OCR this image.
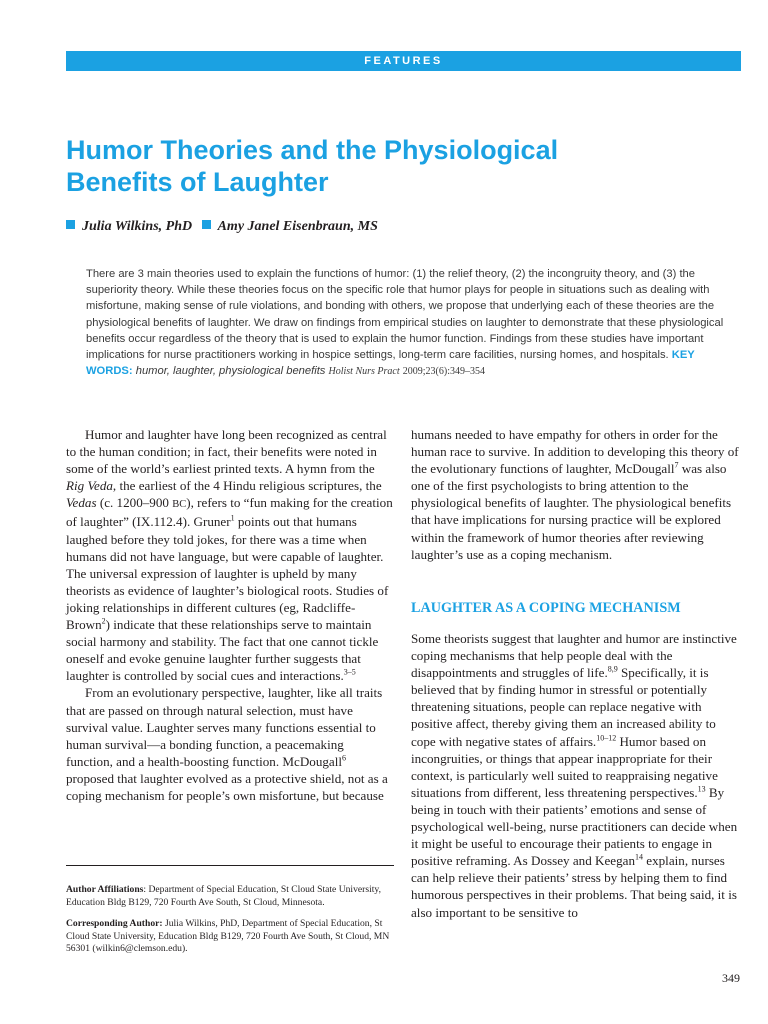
FEATURES
Humor Theories and the Physiological
Benefits of Laughter
Julia Wilkins, PhD Amy Janel Eisenbraun, MS

There are 3 main theories used to explain the functions of humor: (1) the relief theory, (2) the incongruity theory, and (3) the superiority theory. While these theories focus on the specific role that humor plays for people in situations such as dealing with misfortune, making sense of rule violations, and bonding with others, we propose that underlying each of these theories are the physiological benefits of laughter. We draw on findings from empirical studies on laughter to demonstrate that these physiological benefits occur regardless of the theory that is used to explain the humor function. Findings from these studies have important implications for nurse practitioners working in hospice settings, long-term care facilities, nursing homes, and hospitals. KEY WORDS: humor, laughter, physiological benefits Holist Nurs Pract 2009;23(6):349–354

Humor and laughter have long been recognized as central to the human condition; in fact, their benefits were noted in some of the world’s earliest printed texts. A hymn from the Rig Veda, the earliest of the 4 Hindu religious scriptures, the Vedas (c. 1200–900 BC), refers to “fun making for the creation of laughter” (IX.112.4). Gruner$^1$ points out that humans laughed before they told jokes, for there was a time when humans did not have language, but were capable of laughter. The universal expression of laughter is upheld by many theorists as evidence of laughter’s biological roots. Studies of joking relationships in different cultures (eg, Radcliffe-Brown$^2$) indicate that these relationships serve to maintain social harmony and stability. The fact that one cannot tickle oneself and evoke genuine laughter further suggests that laughter is controlled by social cues and interactions.$^{3-5}$

From an evolutionary perspective, laughter, like all traits that are passed on through natural selection, must have survival value. Laughter serves many functions essential to human survival—a bonding function, a peacemaking function, and a health-boosting function. McDougall$^6$ proposed that laughter evolved as a protective shield, not as a coping mechanism for people’s own misfortune, but because

Author Affiliations: Department of Special Education, St Cloud State University, Education Bldg B129, 720 Fourth Ave South, St Cloud, Minnesota.

Corresponding Author: Julia Wilkins, PhD, Department of Special Education, St Cloud State University, Education Bldg B129, 720 Fourth Ave South, St Cloud, MN 56301 (wilkin6@clemson.edu).

humans needed to have empathy for others in order for the human race to survive. In addition to developing this theory of the evolutionary functions of laughter, McDougall$^7$ was also one of the first psychologists to bring attention to the physiological benefits of laughter. The physiological benefits that have implications for nursing practice will be explored within the framework of humor theories after reviewing laughter’s use as a coping mechanism.

LAUGHTER AS A COPING MECHANISM

Some theorists suggest that laughter and humor are instinctive coping mechanisms that help people deal with the disappointments and struggles of life.$^{8,9}$ Specifically, it is believed that by finding humor in stressful or potentially threatening situations, people can replace negative with positive affect, thereby giving them an increased ability to cope with negative states of affairs.$^{10-12}$ Humor based on incongruities, or things that appear inappropriate for their context, is particularly well suited to reappraising negative situations from different, less threatening perspectives.$^{13}$ By being in touch with their patients’ emotions and sense of psychological well-being, nurse practitioners can decide when it might be useful to encourage their patients to engage in positive reframing. As Dossey and Keegan$^{14}$ explain, nurses can help relieve their patients’ stress by helping them to find humorous perspectives in their problems. That being said, it is also important to be sensitive to

349
